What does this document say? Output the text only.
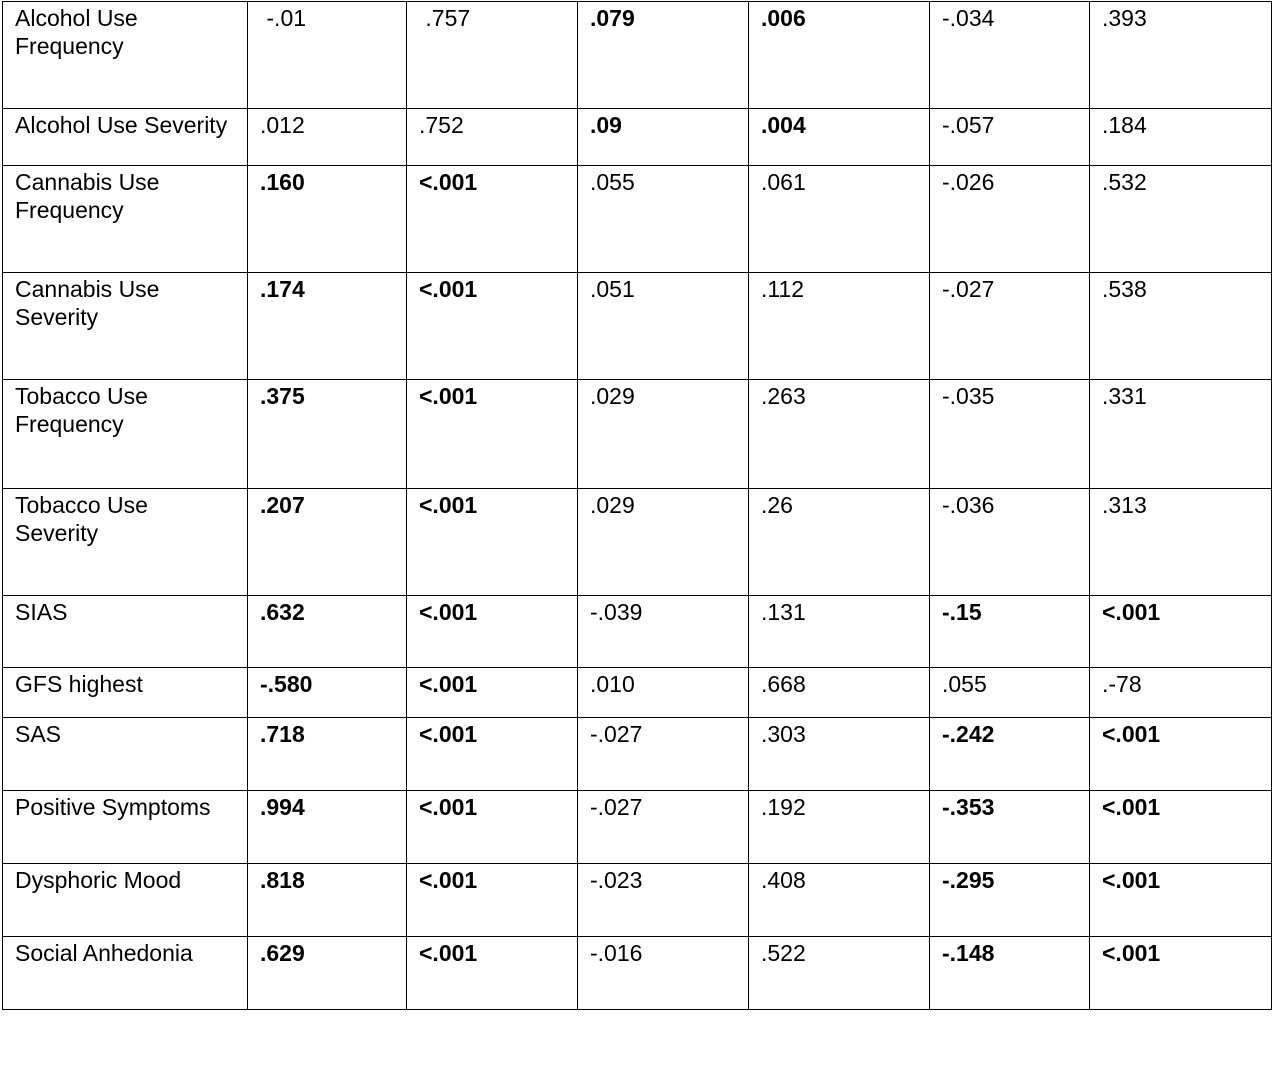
Alcohol Use Frequency	-.01	.757	.079	.006	-.034	.393
Alcohol Use Severity	.012	.752	.09	.004	-.057	.184
Cannabis Use Frequency	.160	<.001	.055	.061	-.026	.532
Cannabis Use Severity	.174	<.001	.051	.112	-.027	.538
Tobacco Use Frequency	.375	<.001	.029	.263	-.035	.331
Tobacco Use Severity	.207	<.001	.029	.26	-.036	.313
SIAS	.632	<.001	-.039	.131	-.15	<.001
GFS highest	-.580	<.001	.010	.668	.055	.-78
SAS	.718	<.001	-.027	.303	-.242	<.001
Positive Symptoms	.994	<.001	-.027	.192	-.353	<.001
Dysphoric Mood	.818	<.001	-.023	.408	-.295	<.001
Social Anhedonia	.629	<.001	-.016	.522	-.148	<.001
